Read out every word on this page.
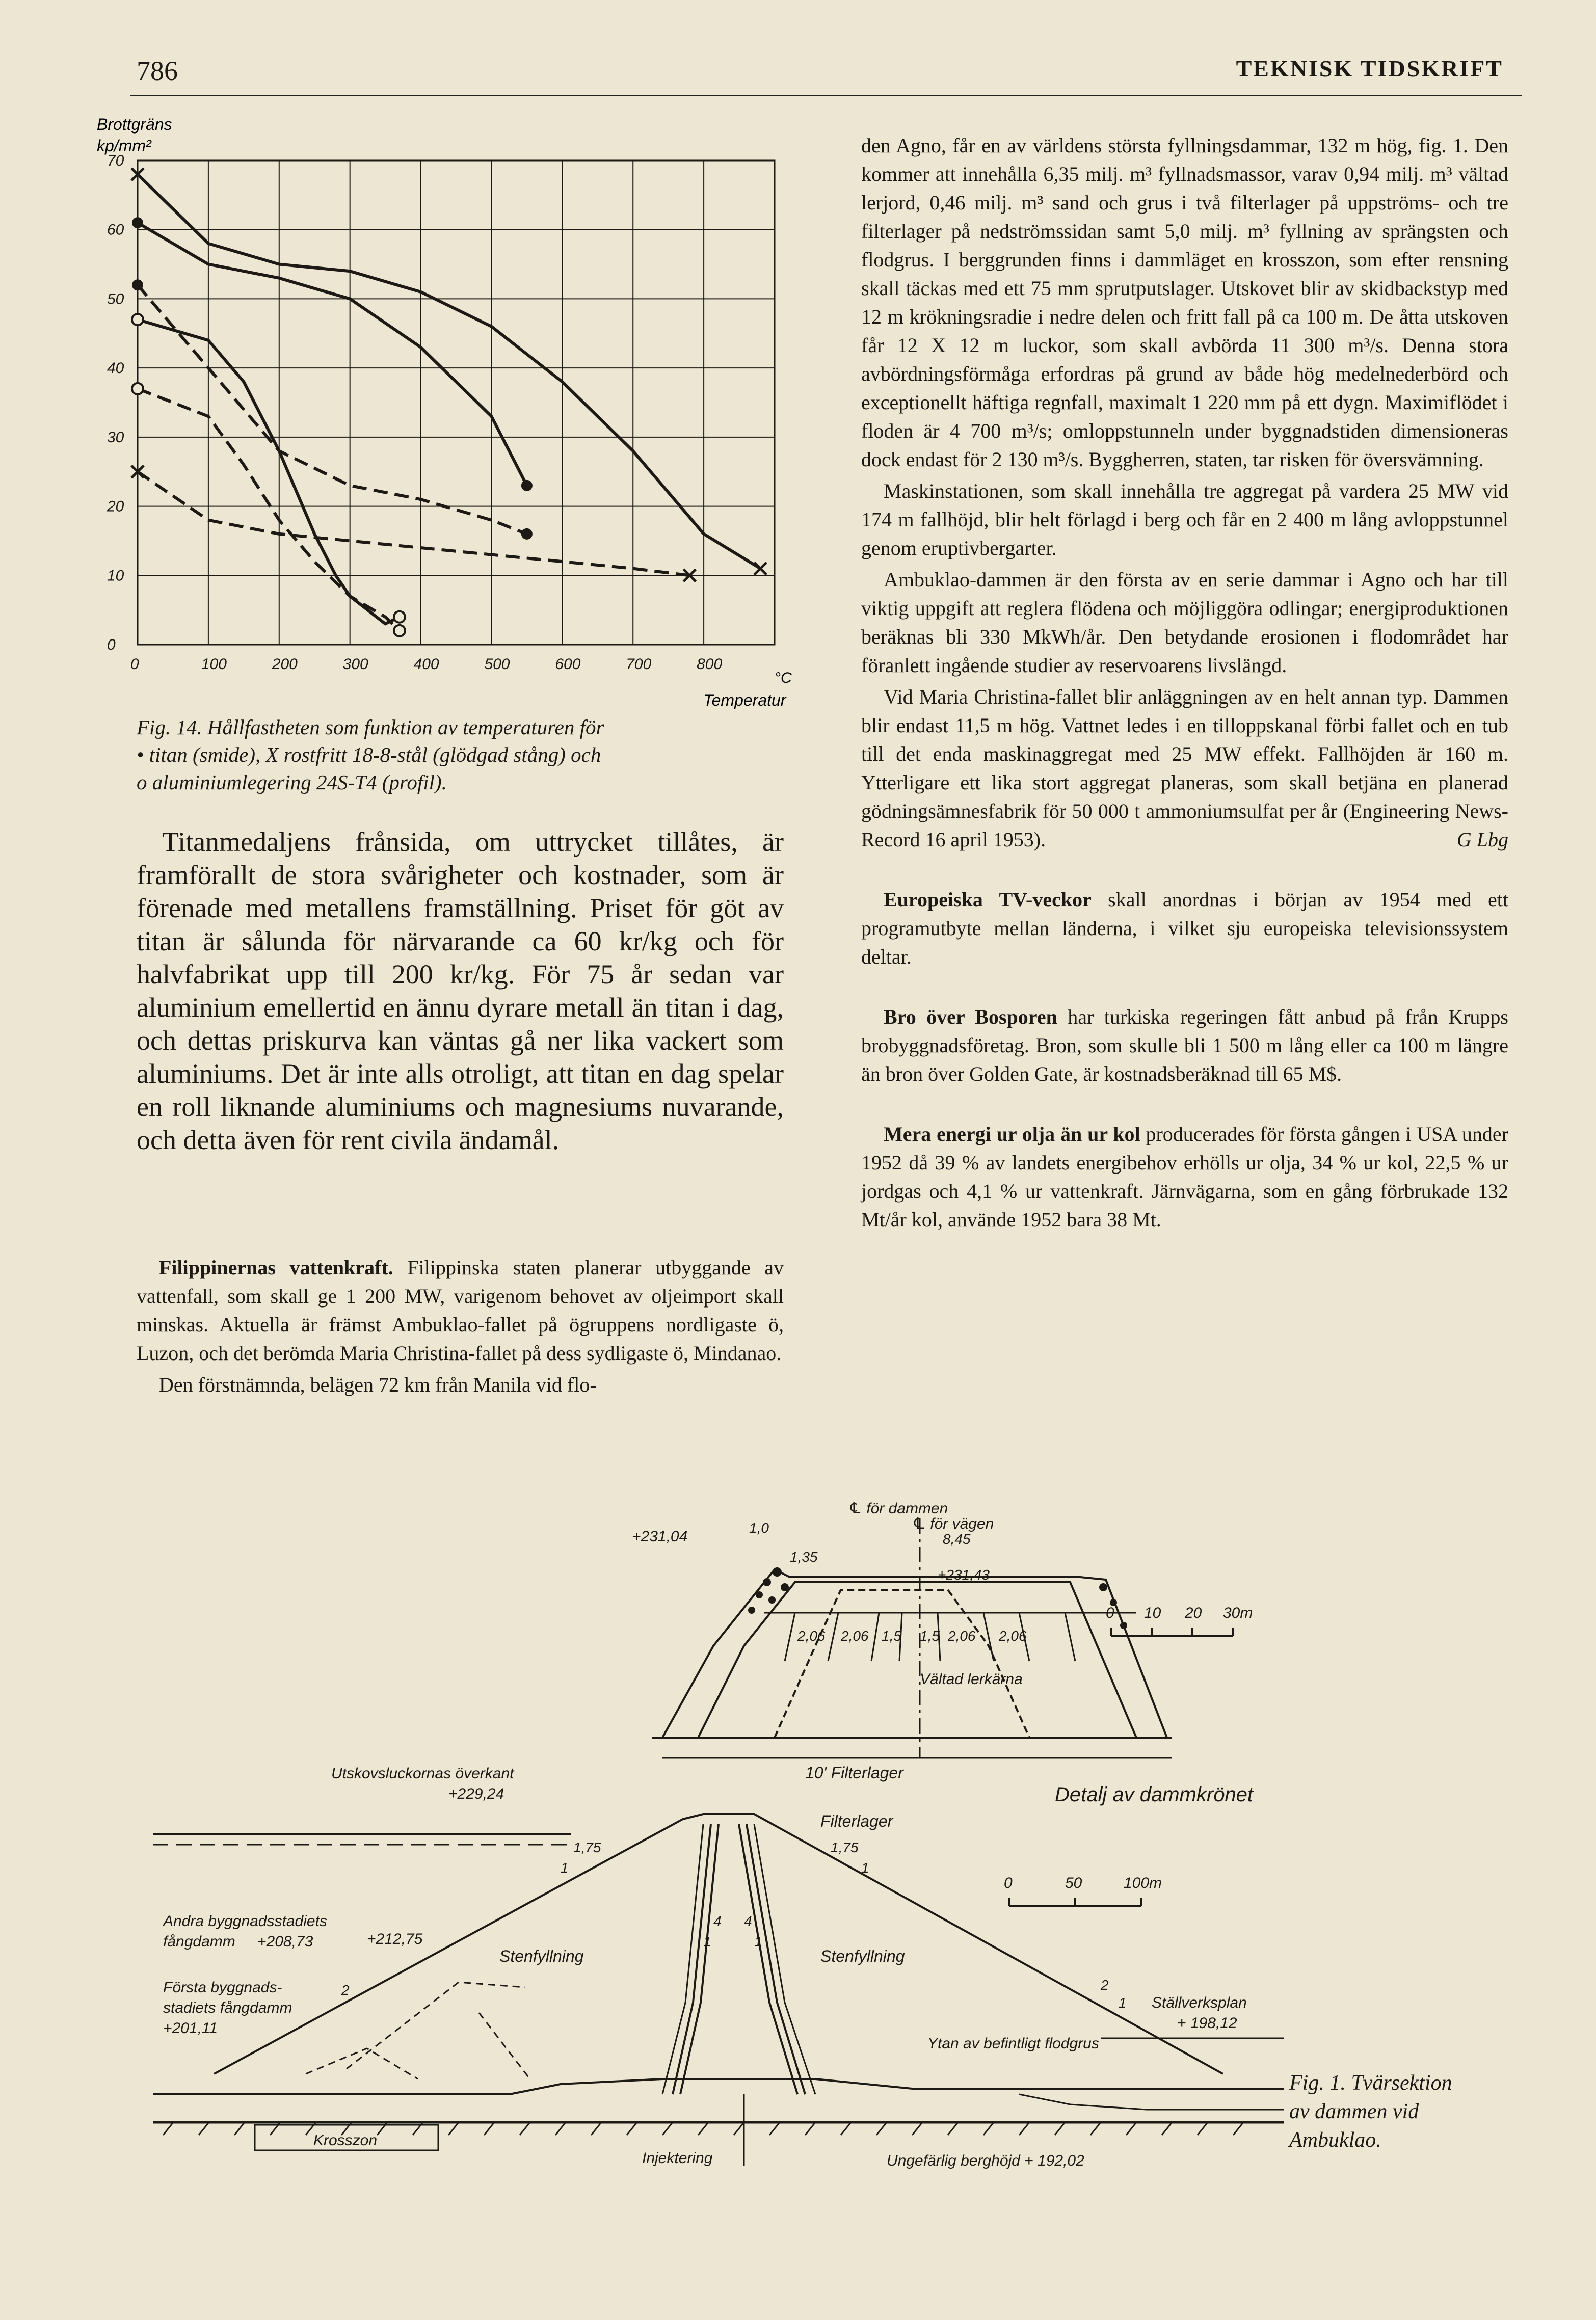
786	TEKNISK TIDSKRIFT
0	100	200	300	400	500	600	700	800
0
10
20
30
40
50
60
70
Brottgräns
kp/mm²
°C
Temperatur
Fig. 14. Hållfastheten som funktion av temperaturen för
• titan (smide), X rostfritt 18-8-stål (glödgad stång) och
o aluminiumlegering 24S-T4 (profil).

Titanmedaljens frånsida, om uttrycket tillåtes, är framförallt de stora svårigheter och kostnader, som är förenade med metallens framställning. Priset för göt av titan är sålunda för närvarande ca 60 kr/kg och för halvfabrikat upp till 200 kr/kg. För 75 år sedan var aluminium emellertid en ännu dyrare metall än titan i dag, och dettas priskurva kan väntas gå ner lika vackert som aluminiums. Det är inte alls otroligt, att titan en dag spelar en roll liknande aluminiums och magnesiums nuvarande, och detta även för rent civila ändamål.

Filippinernas vattenkraft. Filippinska staten planerar utbyggande av vattenfall, som skall ge 1 200 MW, varigenom behovet av oljeimport skall minskas. Aktuella är främst Ambuklao-fallet på ögruppens nordligaste ö, Luzon, och det berömda Maria Christina-fallet på dess sydligaste ö, Mindanao.

Den förstnämnda, belägen 72 km från Manila vid flo-

den Agno, får en av världens största fyllningsdammar, 132 m hög, fig. 1. Den kommer att innehålla 6,35 milj. m³ fyllnadsmassor, varav 0,94 milj. m³ vältad lerjord, 0,46 milj. m³ sand och grus i två filterlager på uppströms- och tre filterlager på nedströmssidan samt 5,0 milj. m³ fyllning av sprängsten och flodgrus. I berggrunden finns i dammläget en krosszon, som efter rensning skall täckas med ett 75 mm sprutputslager. Utskovet blir av skidbackstyp med 12 m krökningsradie i nedre delen och fritt fall på ca 100 m. De åtta utskoven får 12 X 12 m luckor, som skall avbörda 11 300 m³/s. Denna stora avbördningsförmåga erfordras på grund av både hög medelnederbörd och exceptionellt häftiga regnfall, maximalt 1 220 mm på ett dygn. Maximiflödet i floden är 4 700 m³/s; omloppstunneln under byggnadstiden dimensioneras dock endast för 2 130 m³/s. Byggherren, staten, tar risken för översvämning.

Maskinstationen, som skall innehålla tre aggregat på vardera 25 MW vid 174 m fallhöjd, blir helt förlagd i berg och får en 2 400 m lång avloppstunnel genom eruptivbergarter.

Ambuklao-dammen är den första av en serie dammar i Agno och har till viktig uppgift att reglera flödena och möjliggöra odlingar; energiproduktionen beräknas bli 330 MkWh/år. Den betydande erosionen i flodområdet har föranlett ingående studier av reservoarens livslängd.

Vid Maria Christina-fallet blir anläggningen av en helt annan typ. Dammen blir endast 11,5 m hög. Vattnet ledes i en tilloppskanal förbi fallet och en tub till det enda maskinaggregat med 25 MW effekt. Fallhöjden är 160 m. Ytterligare ett lika stort aggregat planeras, som skall betjäna en planerad gödningsämnesfabrik för 50 000 t ammoniumsulfat per år (Engineering News-Record 16 april 1953).	G Lbg

Europeiska TV-veckor skall anordnas i början av 1954 med ett programutbyte mellan länderna, i vilket sju europeiska televisionssystem deltar.

Bro över Bosporen har turkiska regeringen fått anbud på från Krupps brobyggnadsföretag. Bron, som skulle bli 1 500 m lång eller ca 100 m längre än bron över Golden Gate, är kostnadsberäknad till 65 M$.

Mera energi ur olja än ur kol producerades för första gången i USA under 1952 då 39 % av landets energibehov erhölls ur olja, 34 % ur kol, 22,5 % ur jordgas och 4,1 % ur vattenkraft. Järnvägarna, som en gång förbrukade 132 Mt/år kol, använde 1952 bara 38 Mt.

℄ för dammen
℄ för vägen
8,45
+231,04
1,0
1,35
+231,43
2,06 2,06 1,5 1,5 2,06 2,06
Vältad lerkärna
10' Filterlager
Detalj av dammkrönet
0 10 20 30m
Utskovsluckornas överkant
+229,24
Filterlager
Stenfyllning	Stenfyllning
Andra byggnadsstadiets
fångdamm +208,73	+212,75
Första byggnads-
stadiets fångdamm
+201,11
1,75
1
1,75
1
4 4
1	1
2	2
1
Krosszon
Injektering
Ytan av befintligt flodgrus
Ungefärlig berghöjd + 192,02
Ställverksplan
+ 198,12
0	50	100m
Fig. 1. Tvärsektion
av dammen vid
Ambuklao.
